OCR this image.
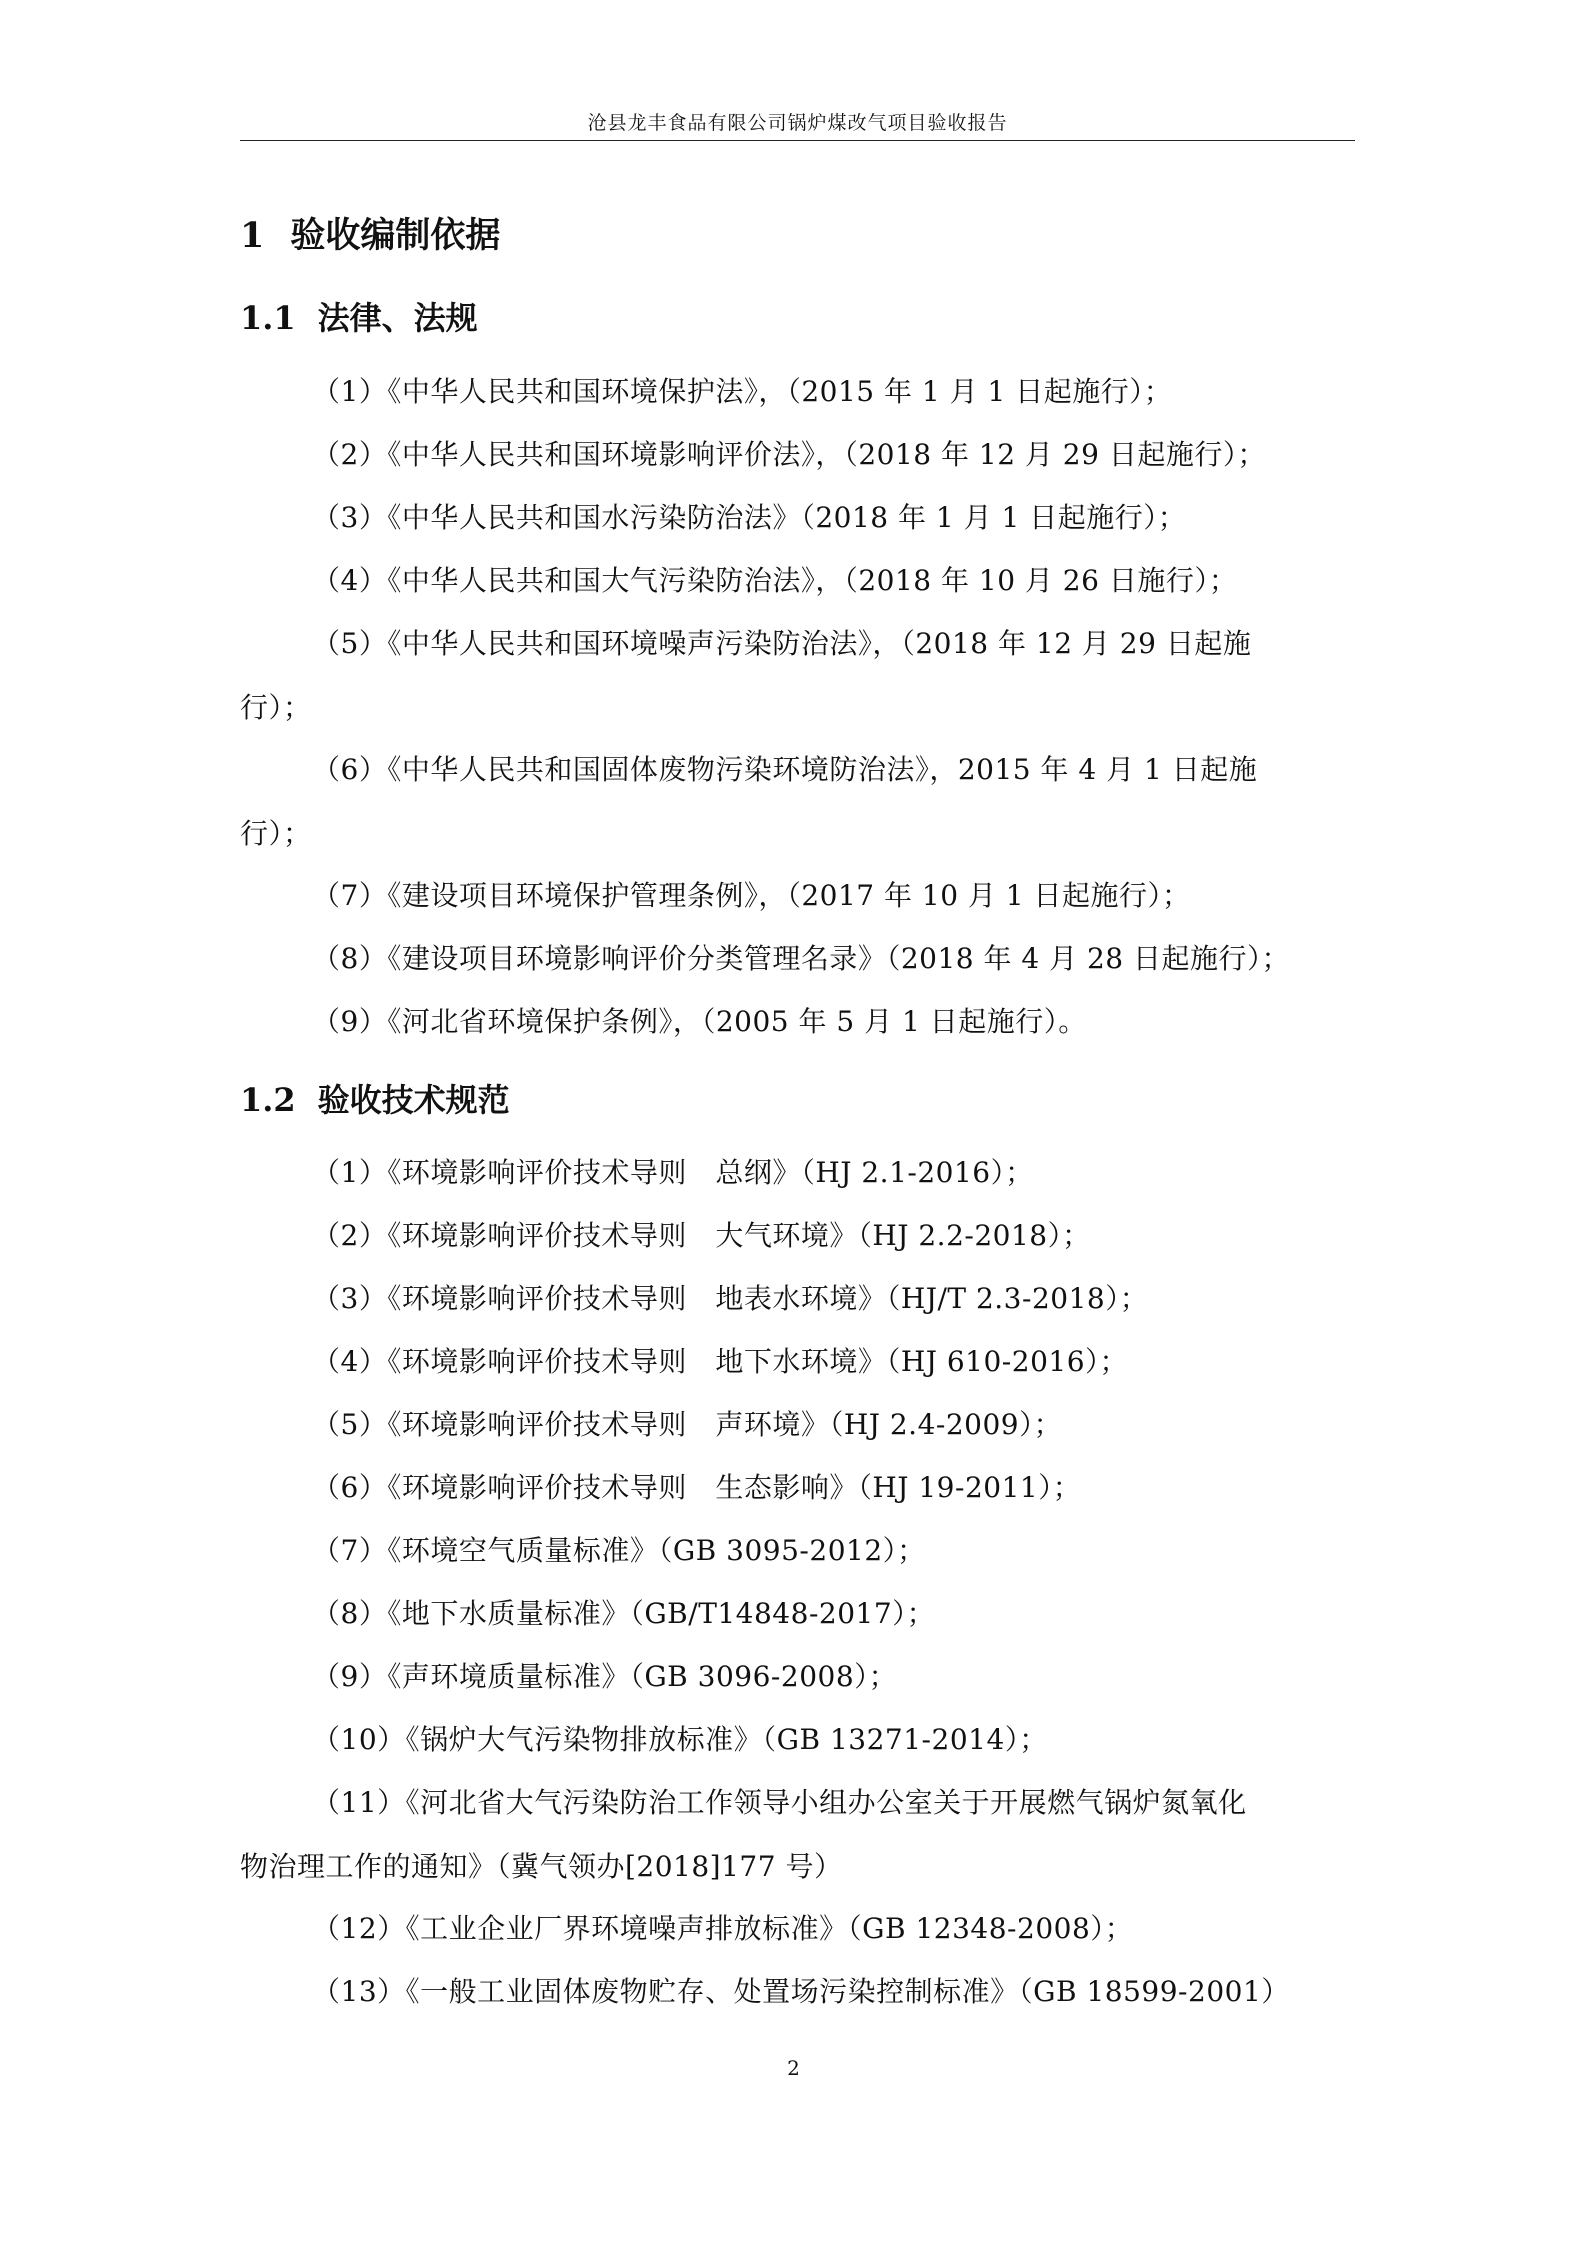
沧县龙丰食品有限公司锅炉煤改气项目验收报告
1 验收编制依据
1.1 法律、法规
（1）《中华人民共和国环境保护法》，（2015 年 1 月 1 日起施行）；
（2）《中华人民共和国环境影响评价法》，（2018 年 12 月 29 日起施行）；
（3）《中华人民共和国水污染防治法》（2018 年 1 月 1 日起施行）；
（4）《中华人民共和国大气污染防治法》，（2018 年 10 月 26 日施行）；
（5）《中华人民共和国环境噪声污染防治法》，（2018 年 12 月 29 日起施
行）；
（6）《中华人民共和国固体废物污染环境防治法》，2015 年 4 月 1 日起施
行）；
（7）《建设项目环境保护管理条例》，（2017 年 10 月 1 日起施行）；
（8）《建设项目环境影响评价分类管理名录》（2018 年 4 月 28 日起施行）；
（9）《河北省环境保护条例》，（2005 年 5 月 1 日起施行）。
1.2 验收技术规范
（1）《环境影响评价技术导则　总纲》（HJ 2.1-2016）；
（2）《环境影响评价技术导则　大气环境》（HJ 2.2-2018）；
（3）《环境影响评价技术导则　地表水环境》（HJ/T 2.3-2018）；
（4）《环境影响评价技术导则　地下水环境》（HJ 610-2016）；
（5）《环境影响评价技术导则　声环境》（HJ 2.4-2009）；
（6）《环境影响评价技术导则　生态影响》（HJ 19-2011）；
（7）《环境空气质量标准》（GB 3095-2012）；
（8）《地下水质量标准》（GB/T14848-2017）；
（9）《声环境质量标准》（GB 3096-2008）；
（10）《锅炉大气污染物排放标准》（GB 13271-2014）；
（11）《河北省大气污染防治工作领导小组办公室关于开展燃气锅炉氮氧化
物治理工作的通知》（冀气领办[2018]177 号）
（12）《工业企业厂界环境噪声排放标准》（GB 12348-2008）；
（13）《一般工业固体废物贮存、处置场污染控制标准》（GB 18599-2001）
2
